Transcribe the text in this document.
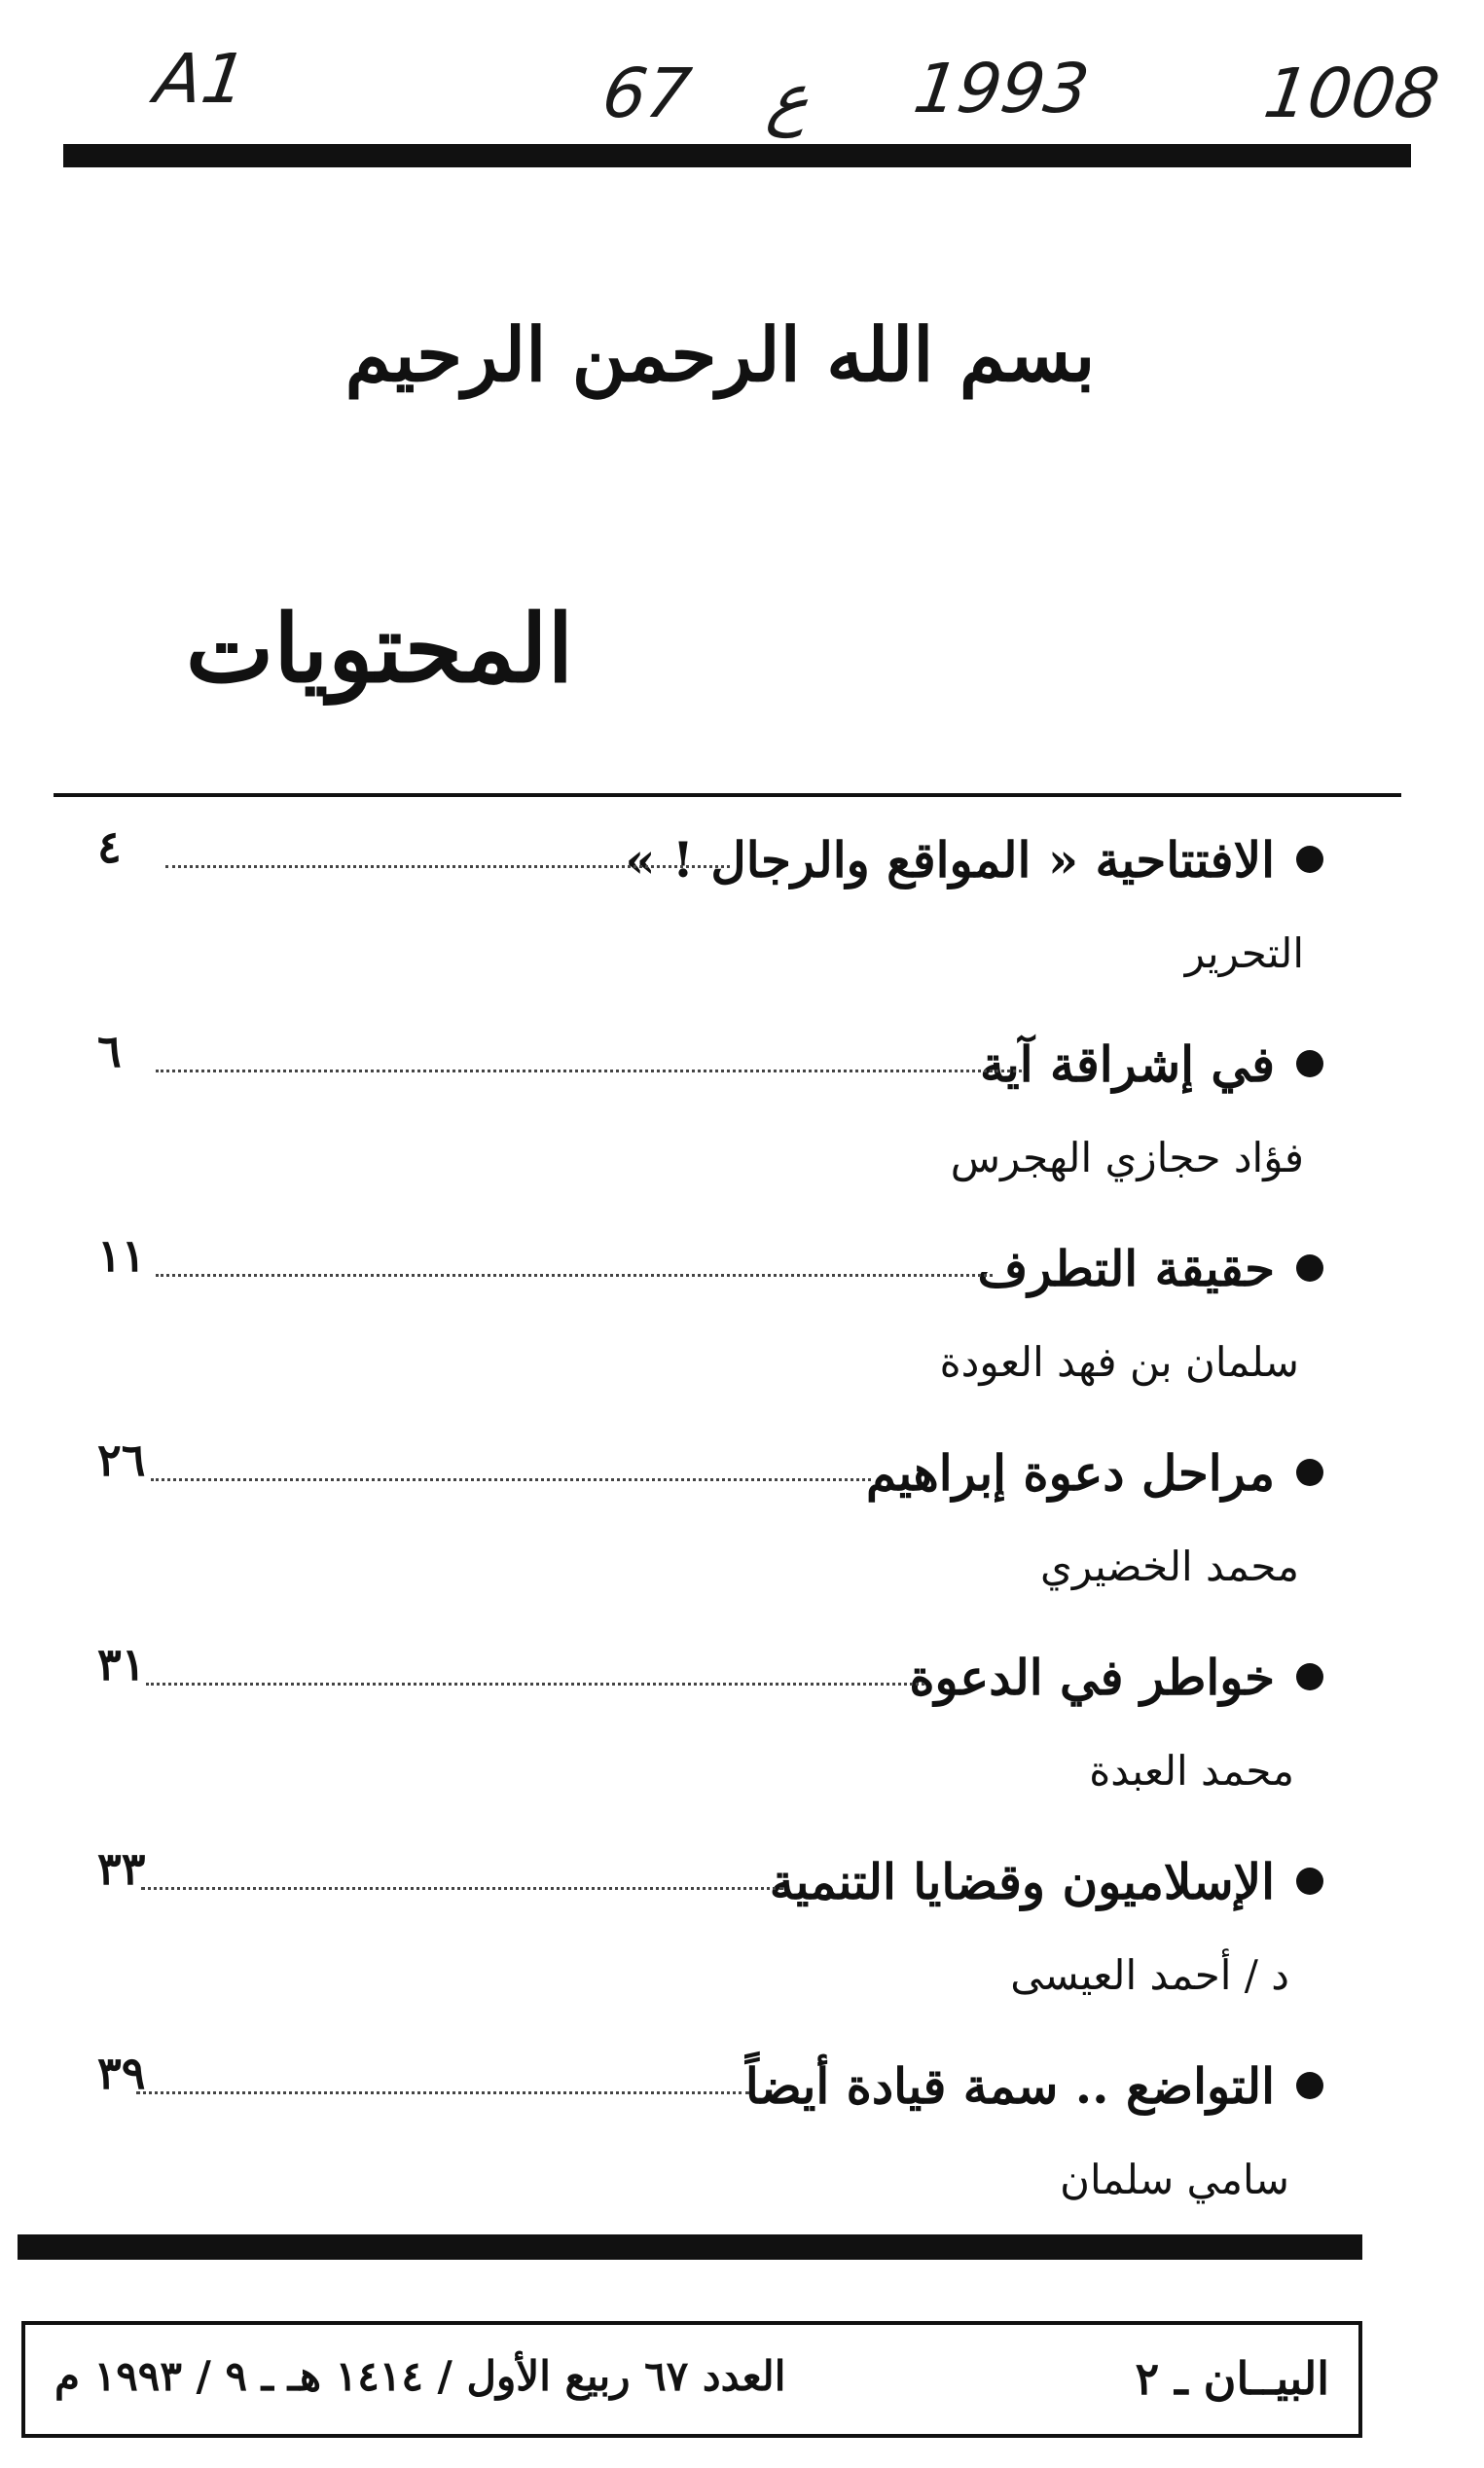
A1	67 ع 1993 1008
بسم الله الرحمن الرحيم
المحتويات
الافتتاحية « المواقع والرجال ! »
٤
التحرير
في إشراقة آية
٦
فؤاد حجازي الهجرس
حقيقة التطرف
١١
سلمان بن فهد العودة
مراحل دعوة إبراهيم
٢٦
محمد الخضيري
خواطر في الدعوة
٣١
محمد العبدة
الإسلاميون وقضايا التنمية
٣٣
د / أحمد العيسى
التواضع .. سمة قيادة أيضاً
٣٩
سامي سلمان
البيــان ـ ٢
العدد ٦٧ ربيع الأول / ١٤١٤ هـ ـ ٩ / ١٩٩٣ م
